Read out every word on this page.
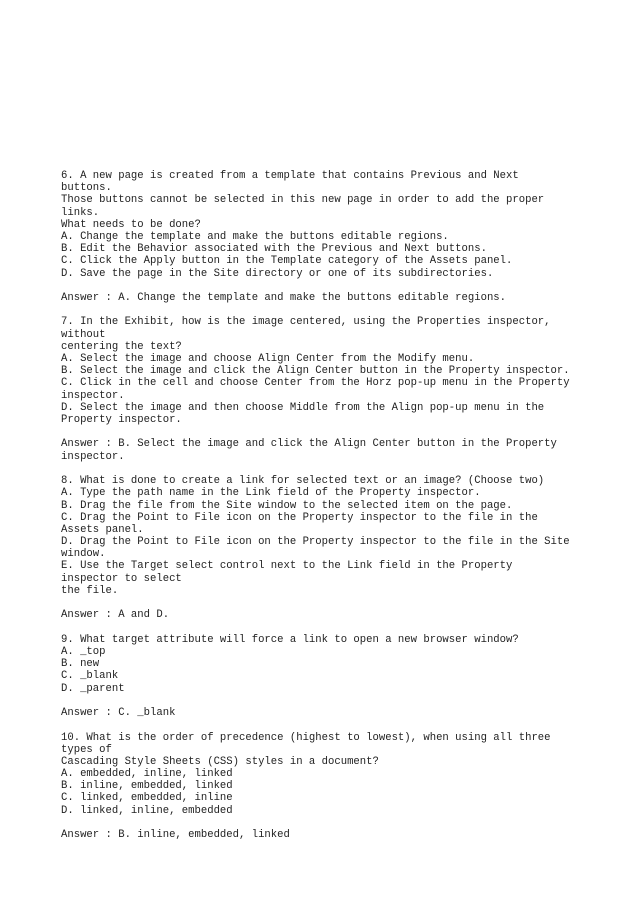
6. A new page is created from a template that contains Previous and Next
buttons.
Those buttons cannot be selected in this new page in order to add the proper
links.
What needs to be done?
A. Change the template and make the buttons editable regions.
B. Edit the Behavior associated with the Previous and Next buttons.
C. Click the Apply button in the Template category of the Assets panel.
D. Save the page in the Site directory or one of its subdirectories.
Answer : A. Change the template and make the buttons editable regions.
7. In the Exhibit, how is the image centered, using the Properties inspector,
without
centering the text?
A. Select the image and choose Align Center from the Modify menu.
B. Select the image and click the Align Center button in the Property inspector.
C. Click in the cell and choose Center from the Horz pop-up menu in the Property
inspector.
D. Select the image and then choose Middle from the Align pop-up menu in the
Property inspector.
Answer : B. Select the image and click the Align Center button in the Property
inspector.
8. What is done to create a link for selected text or an image? (Choose two)
A. Type the path name in the Link field of the Property inspector.
B. Drag the file from the Site window to the selected item on the page.
C. Drag the Point to File icon on the Property inspector to the file in the
Assets panel.
D. Drag the Point to File icon on the Property inspector to the file in the Site
window.
E. Use the Target select control next to the Link field in the Property
inspector to select
the file.
Answer : A and D.
9. What target attribute will force a link to open a new browser window?
A. _top
B. new
C. _blank
D. _parent
Answer : C. _blank
10. What is the order of precedence (highest to lowest), when using all three
types of
Cascading Style Sheets (CSS) styles in a document?
A. embedded, inline, linked
B. inline, embedded, linked
C. linked, embedded, inline
D. linked, inline, embedded
Answer : B. inline, embedded, linked
